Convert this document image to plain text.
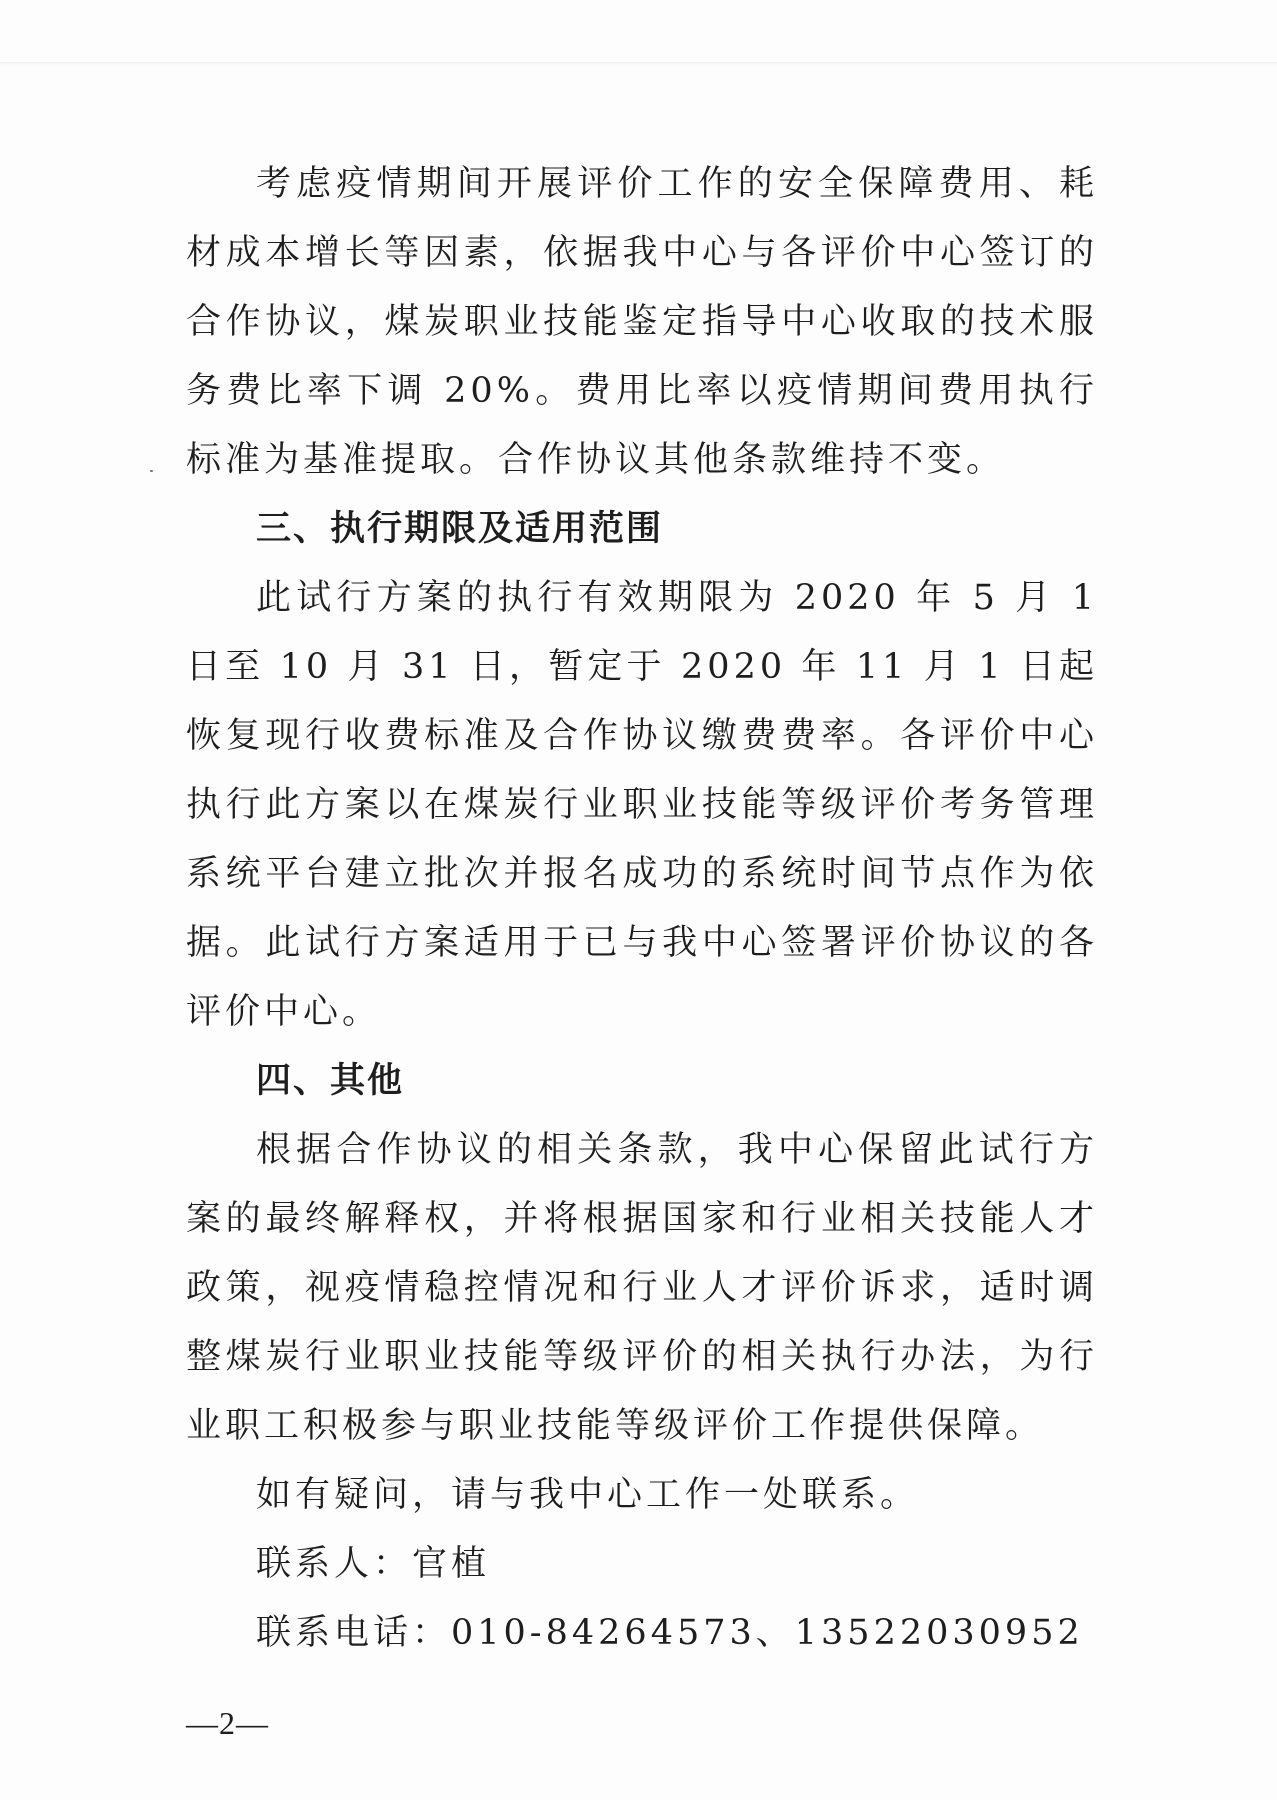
考虑疫情期间开展评价工作的安全保障费用、耗材成本增长等因素，依据我中心与各评价中心签订的合作协议，煤炭职业技能鉴定指导中心收取的技术服务费比率下调 20%。费用比率以疫情期间费用执行标准为基准提取。合作协议其他条款维持不变。

三、执行期限及适用范围

此试行方案的执行有效期限为 2020 年 5 月 1 日至 10 月 31 日，暂定于 2020 年 11 月 1 日起恢复现行收费标准及合作协议缴费费率。各评价中心执行此方案以在煤炭行业职业技能等级评价考务管理系统平台建立批次并报名成功的系统时间节点作为依据。此试行方案适用于已与我中心签署评价协议的各评价中心。

四、其他

根据合作协议的相关条款，我中心保留此试行方案的最终解释权，并将根据国家和行业相关技能人才政策，视疫情稳控情况和行业人才评价诉求，适时调整煤炭行业职业技能等级评价的相关执行办法，为行业职工积极参与职业技能等级评价工作提供保障。

如有疑问，请与我中心工作一处联系。

联系人：官植

联系电话：010-84264573、13522030952

—2—
